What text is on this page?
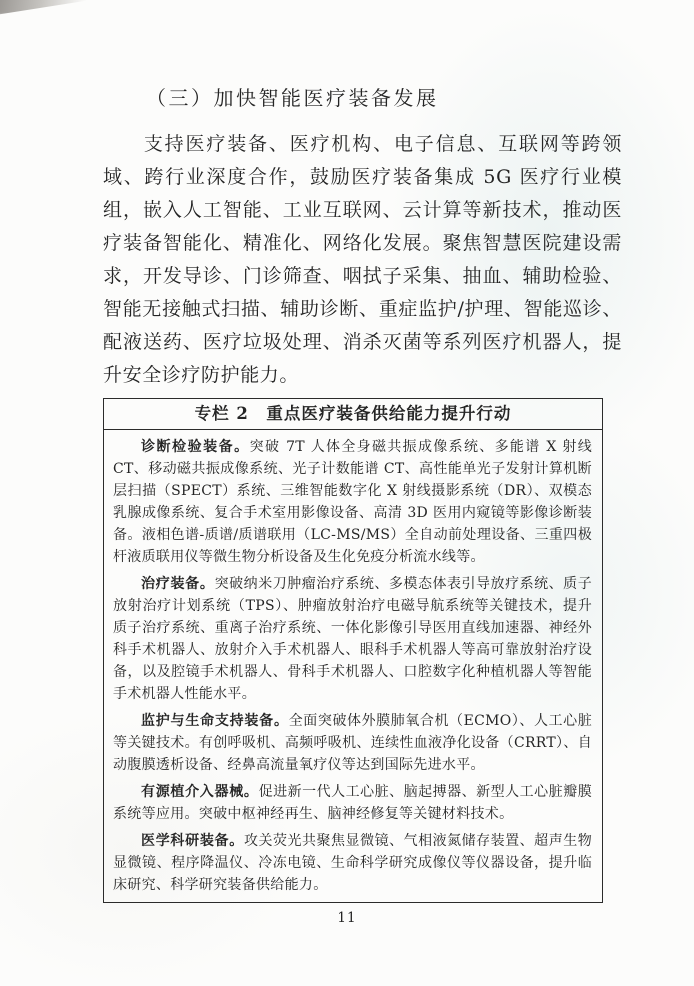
（三）加快智能医疗装备发展

支持医疗装备、医疗机构、电子信息、互联网等跨领域、跨行业深度合作，鼓励医疗装备集成 5G 医疗行业模组，嵌入人工智能、工业互联网、云计算等新技术，推动医疗装备智能化、精准化、网络化发展。聚焦智慧医院建设需求，开发导诊、门诊筛查、咽拭子采集、抽血、辅助检验、智能无接触式扫描、辅助诊断、重症监护/护理、智能巡诊、配液送药、医疗垃圾处理、消杀灭菌等系列医疗机器人，提升安全诊疗防护能力。

专栏 2　重点医疗装备供给能力提升行动

诊断检验装备。突破 7T 人体全身磁共振成像系统、多能谱 X 射线 CT、移动磁共振成像系统、光子计数能谱 CT、高性能单光子发射计算机断层扫描（SPECT）系统、三维智能数字化 X 射线摄影系统（DR）、双模态乳腺成像系统、复合手术室用影像设备、高清 3D 医用内窥镜等影像诊断装备。液相色谱-质谱/质谱联用（LC-MS/MS）全自动前处理设备、三重四极杆液质联用仪等微生物分析设备及生化免疫分析流水线等。

治疗装备。突破纳米刀肿瘤治疗系统、多模态体表引导放疗系统、质子放射治疗计划系统（TPS）、肿瘤放射治疗电磁导航系统等关键技术，提升质子治疗系统、重离子治疗系统、一体化影像引导医用直线加速器、神经外科手术机器人、放射介入手术机器人、眼科手术机器人等高可靠放射治疗设备，以及腔镜手术机器人、骨科手术机器人、口腔数字化种植机器人等智能手术机器人性能水平。

监护与生命支持装备。全面突破体外膜肺氧合机（ECMO）、人工心脏等关键技术。有创呼吸机、高频呼吸机、连续性血液净化设备（CRRT）、自动腹膜透析设备、经鼻高流量氧疗仪等达到国际先进水平。

有源植介入器械。促进新一代人工心脏、脑起搏器、新型人工心脏瓣膜系统等应用。突破中枢神经再生、脑神经修复等关键材料技术。

医学科研装备。攻关荧光共聚焦显微镜、气相液氮储存装置、超声生物显微镜、程序降温仪、冷冻电镜、生命科学研究成像仪等仪器设备，提升临床研究、科学研究装备供给能力。

11
